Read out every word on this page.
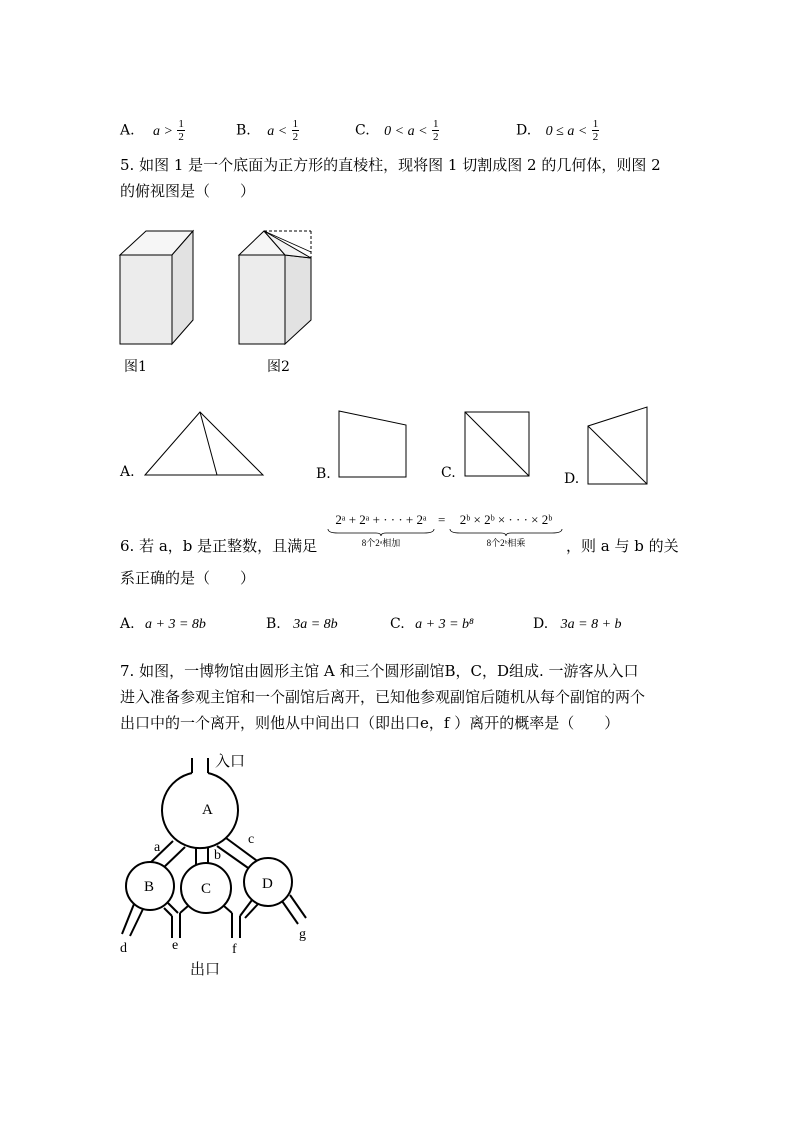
A. $a > \frac{1}{2}$	B. $a < \frac{1}{2}$	C. $0 < a < \frac{1}{2}$	D. $0 \le a < \frac{1}{2}$
5. 如图 1 是一个底面为正方形的直棱柱，现将图 1 切割成图 2 的几何体，则图 2
的俯视图是（　　）
图1	图2
A.	B.	C.	D.
6. 若 a，b 是正整数，且满足
2ᵃ + 2ᵃ + · · · + 2ᵃ
8个2ᵃ相加
=	2ᵇ × 2ᵇ × · · · × 2ᵇ
8个2ᵇ相乘	，则 a 与 b 的关
系正确的是（　　）
A. a + 3 = 8b	B. 3a = 8b	C. a + 3 = b⁸	D. 3a = 8 + b
7. 如图，一博物馆由圆形主馆 A 和三个圆形副馆B，C，D组成. 一游客从入口
进入准备参观主馆和一个副馆后离开，已知他参观副馆后随机从每个副馆的两个
出口中的一个离开，则他从中间出口（即出口e，f ）离开的概率是（　　）
A
B	C	D
a
b
c
d	e	f
g
入口
出口
